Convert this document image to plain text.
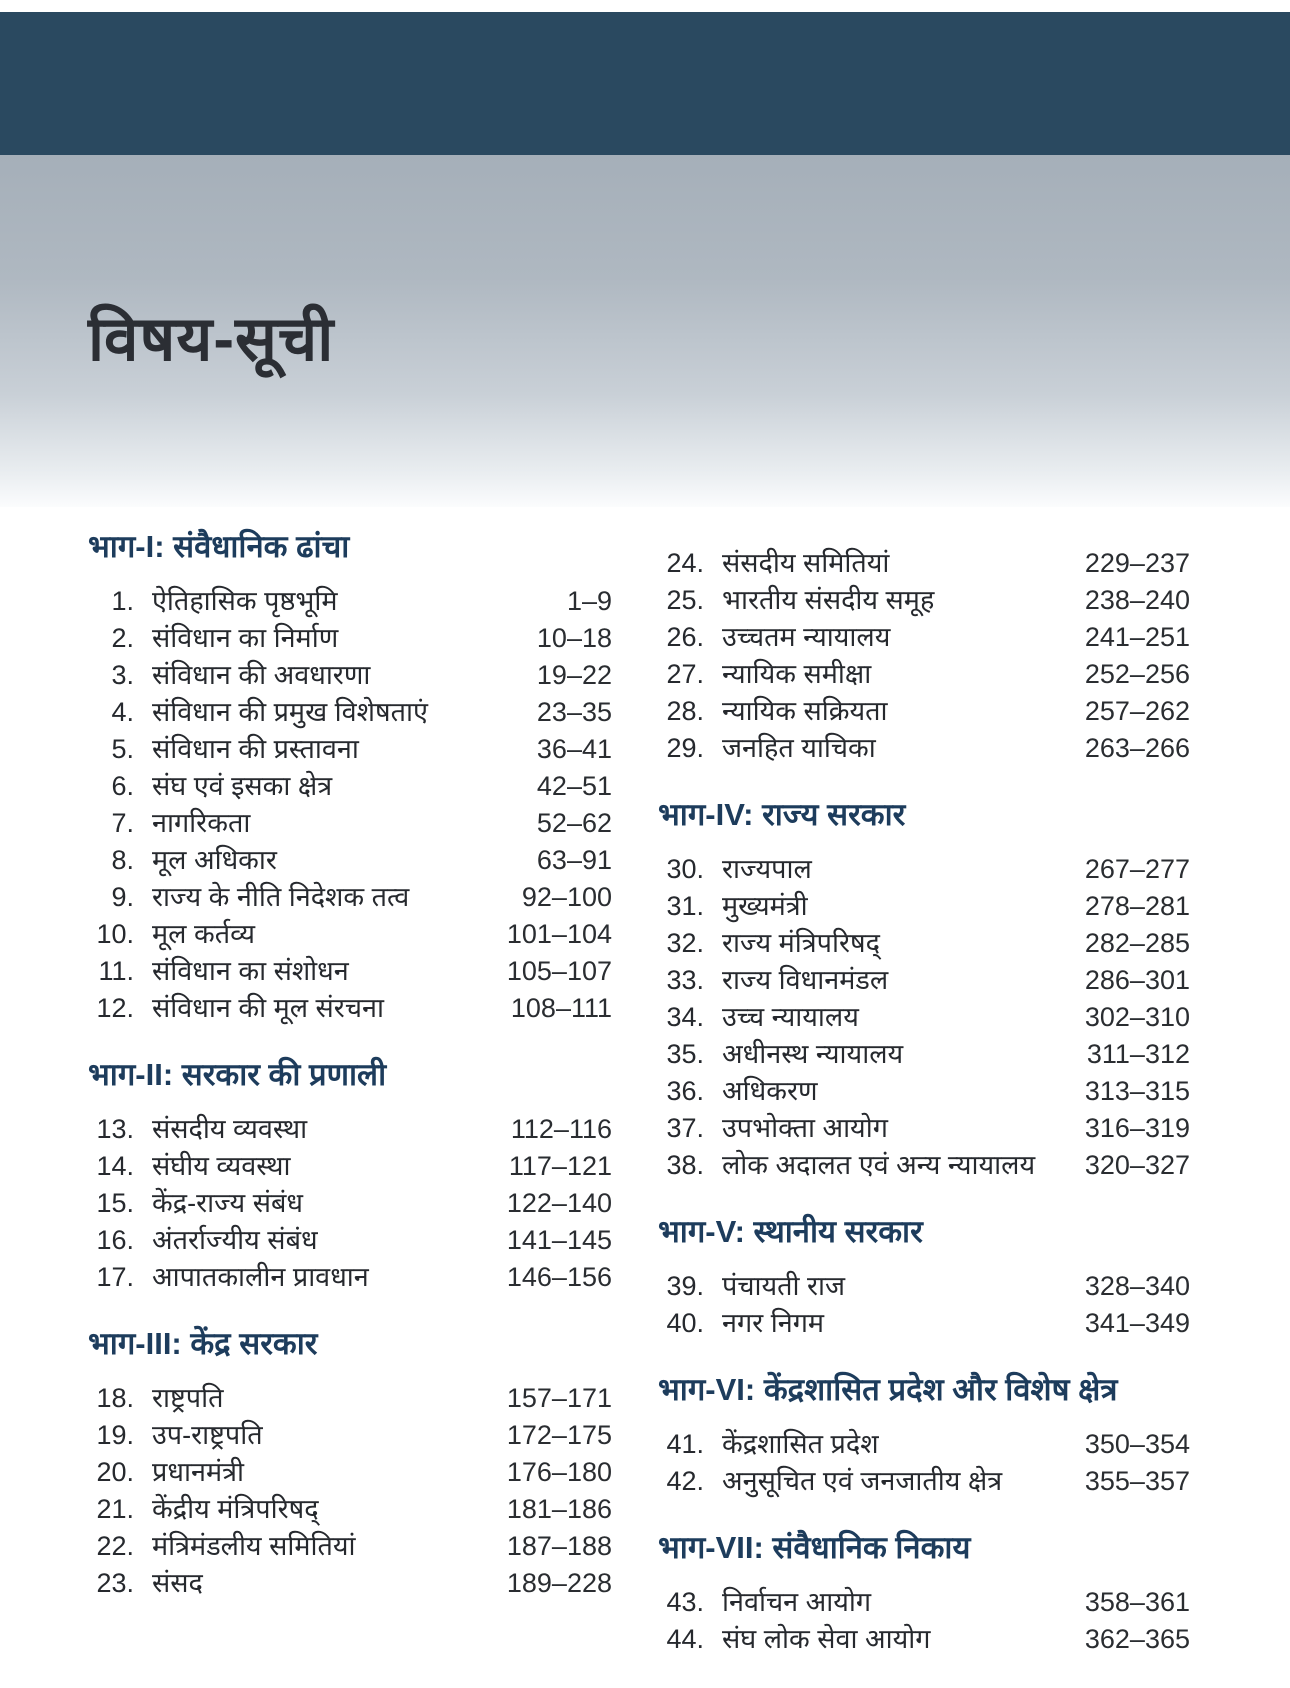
विषय-सूची
भाग-I: संवैधानिक ढांचा
1. ऐतिहासिक पृष्ठभूमि	1–9
2. संविधान का निर्माण	10–18
3. संविधान की अवधारणा	19–22
4. संविधान की प्रमुख विशेषताएं	23–35
5. संविधान की प्रस्तावना	36–41
6. संघ एवं इसका क्षेत्र	42–51
7. नागरिकता	52–62
8. मूल अधिकार	63–91
9. राज्य के नीति निदेशक तत्व	92–100
10. मूल कर्तव्य	101–104
11. संविधान का संशोधन	105–107
12. संविधान की मूल संरचना	108–111
भाग-II: सरकार की प्रणाली
13. संसदीय व्यवस्था	112–116
14. संघीय व्यवस्था	117–121
15. केंद्र-राज्य संबंध	122–140
16. अंतर्राज्यीय संबंध	141–145
17. आपातकालीन प्रावधान	146–156
भाग-III: केंद्र सरकार
18. राष्ट्रपति	157–171
19. उप-राष्ट्रपति	172–175
20. प्रधानमंत्री	176–180
21. केंद्रीय मंत्रिपरिषद्	181–186
22. मंत्रिमंडलीय समितियां	187–188
23. संसद	189–228
24. संसदीय समितियां	229–237
25. भारतीय संसदीय समूह	238–240
26. उच्चतम न्यायालय	241–251
27. न्यायिक समीक्षा	252–256
28. न्यायिक सक्रियता	257–262
29. जनहित याचिका	263–266
भाग-IV: राज्य सरकार
30. राज्यपाल	267–277
31. मुख्यमंत्री	278–281
32. राज्य मंत्रिपरिषद्	282–285
33. राज्य विधानमंडल	286–301
34. उच्च न्यायालय	302–310
35. अधीनस्थ न्यायालय	311–312
36. अधिकरण	313–315
37. उपभोक्ता आयोग	316–319
38. लोक अदालत एवं अन्य न्यायालय	320–327
भाग-V: स्थानीय सरकार
39. पंचायती राज	328–340
40. नगर निगम	341–349
भाग-VI: केंद्रशासित प्रदेश और विशेष क्षेत्र
41. केंद्रशासित प्रदेश	350–354
42. अनुसूचित एवं जनजातीय क्षेत्र	355–357
भाग-VII: संवैधानिक निकाय
43. निर्वाचन आयोग	358–361
44. संघ लोक सेवा आयोग	362–365
